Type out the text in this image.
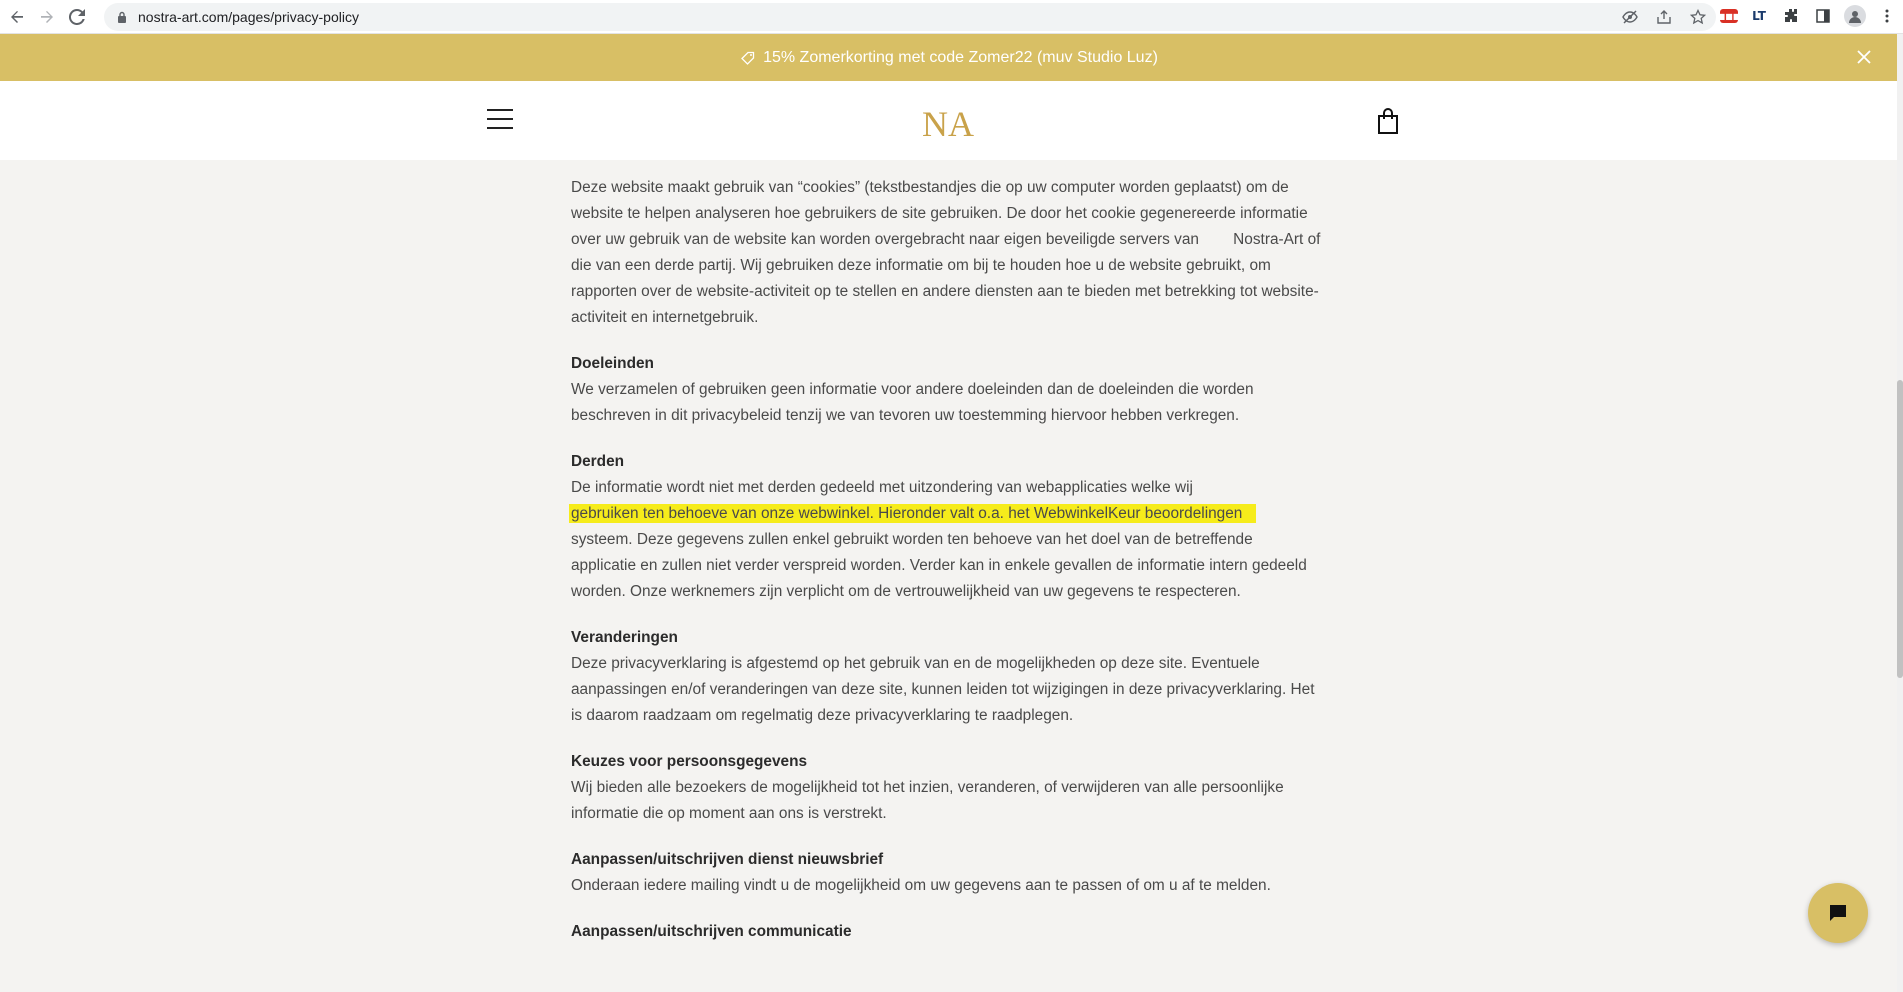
nostra-art.com/pages/privacy-policy	■■■ LT
15% Zomerkorting met code Zomer22 (muv Studio Luz)
NA

Deze website maakt gebruik van “cookies” (tekstbestandjes die op uw computer worden geplaatst) om de website te helpen analyseren hoe gebruikers de site gebruiken. De door het cookie gegenereerde informatie over uw gebruik van de website kan worden overgebracht naar eigen beveiligde servers van        Nostra-Art of die van een derde partij. Wij gebruiken deze informatie om bij te houden hoe u de website gebruikt, om rapporten over de website-activiteit op te stellen en andere diensten aan te bieden met betrekking tot website-activiteit en internetgebruik.

Doeleinden

We verzamelen of gebruiken geen informatie voor andere doeleinden dan de doeleinden die worden beschreven in dit privacybeleid tenzij we van tevoren uw toestemming hiervoor hebben verkregen.

Derden

De informatie wordt niet met derden gedeeld met uitzondering van webapplicaties welke wij
gebruiken ten behoeve van onze webwinkel. Hieronder valt o.a. het WebwinkelKeur beoordelingen
systeem. Deze gegevens zullen enkel gebruikt worden ten behoeve van het doel van de betreffende applicatie en zullen niet verder verspreid worden. Verder kan in enkele gevallen de informatie intern gedeeld worden. Onze werknemers zijn verplicht om de vertrouwelijkheid van uw gegevens te respecteren.

Veranderingen

Deze privacyverklaring is afgestemd op het gebruik van en de mogelijkheden op deze site. Eventuele aanpassingen en/of veranderingen van deze site, kunnen leiden tot wijzigingen in deze privacyverklaring. Het is daarom raadzaam om regelmatig deze privacyverklaring te raadplegen.

Keuzes voor persoonsgegevens

Wij bieden alle bezoekers de mogelijkheid tot het inzien, veranderen, of verwijderen van alle persoonlijke informatie die op moment aan ons is verstrekt.

Aanpassen/uitschrijven dienst nieuwsbrief

Onderaan iedere mailing vindt u de mogelijkheid om uw gegevens aan te passen of om u af te melden.

Aanpassen/uitschrijven communicatie
